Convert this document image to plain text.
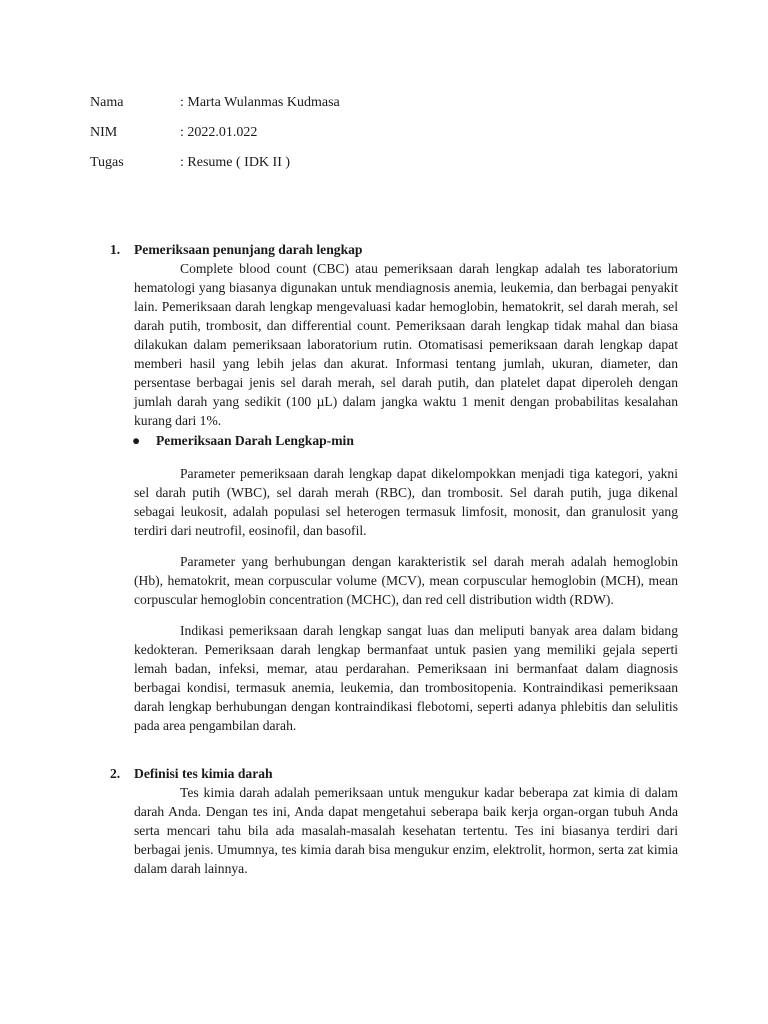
Nama	: Marta Wulanmas Kudmasa
NIM	: 2022.01.022
Tugas	: Resume ( IDK II )
1. Pemeriksaan penunjang darah lengkap
Complete blood count (CBC) atau pemeriksaan darah lengkap adalah tes laboratorium hematologi yang biasanya digunakan untuk mendiagnosis anemia, leukemia, dan berbagai penyakit lain. Pemeriksaan darah lengkap mengevaluasi kadar hemoglobin, hematokrit, sel darah merah, sel darah putih, trombosit, dan differential count. Pemeriksaan darah lengkap tidak mahal dan biasa dilakukan dalam pemeriksaan laboratorium rutin. Otomatisasi pemeriksaan darah lengkap dapat memberi hasil yang lebih jelas dan akurat. Informasi tentang jumlah, ukuran, diameter, dan persentase berbagai jenis sel darah merah, sel darah putih, dan platelet dapat diperoleh dengan jumlah darah yang sedikit (100 µL) dalam jangka waktu 1 menit dengan probabilitas kesalahan kurang dari 1%.
● Pemeriksaan Darah Lengkap-min
Parameter pemeriksaan darah lengkap dapat dikelompokkan menjadi tiga kategori, yakni sel darah putih (WBC), sel darah merah (RBC), dan trombosit. Sel darah putih, juga dikenal sebagai leukosit, adalah populasi sel heterogen termasuk limfosit, monosit, dan granulosit yang terdiri dari neutrofil, eosinofil, dan basofil.
Parameter yang berhubungan dengan karakteristik sel darah merah adalah hemoglobin (Hb), hematokrit, mean corpuscular volume (MCV), mean corpuscular hemoglobin (MCH), mean corpuscular hemoglobin concentration (MCHC), dan red cell distribution width (RDW).
Indikasi pemeriksaan darah lengkap sangat luas dan meliputi banyak area dalam bidang kedokteran. Pemeriksaan darah lengkap bermanfaat untuk pasien yang memiliki gejala seperti lemah badan, infeksi, memar, atau perdarahan. Pemeriksaan ini bermanfaat dalam diagnosis berbagai kondisi, termasuk anemia, leukemia, dan trombositopenia. Kontraindikasi pemeriksaan darah lengkap berhubungan dengan kontraindikasi flebotomi, seperti adanya phlebitis dan selulitis pada area pengambilan darah.
2. Definisi tes kimia darah
Tes kimia darah adalah pemeriksaan untuk mengukur kadar beberapa zat kimia di dalam darah Anda. Dengan tes ini, Anda dapat mengetahui seberapa baik kerja organ-organ tubuh Anda serta mencari tahu bila ada masalah-masalah kesehatan tertentu. Tes ini biasanya terdiri dari berbagai jenis. Umumnya, tes kimia darah bisa mengukur enzim, elektrolit, hormon, serta zat kimia dalam darah lainnya.
